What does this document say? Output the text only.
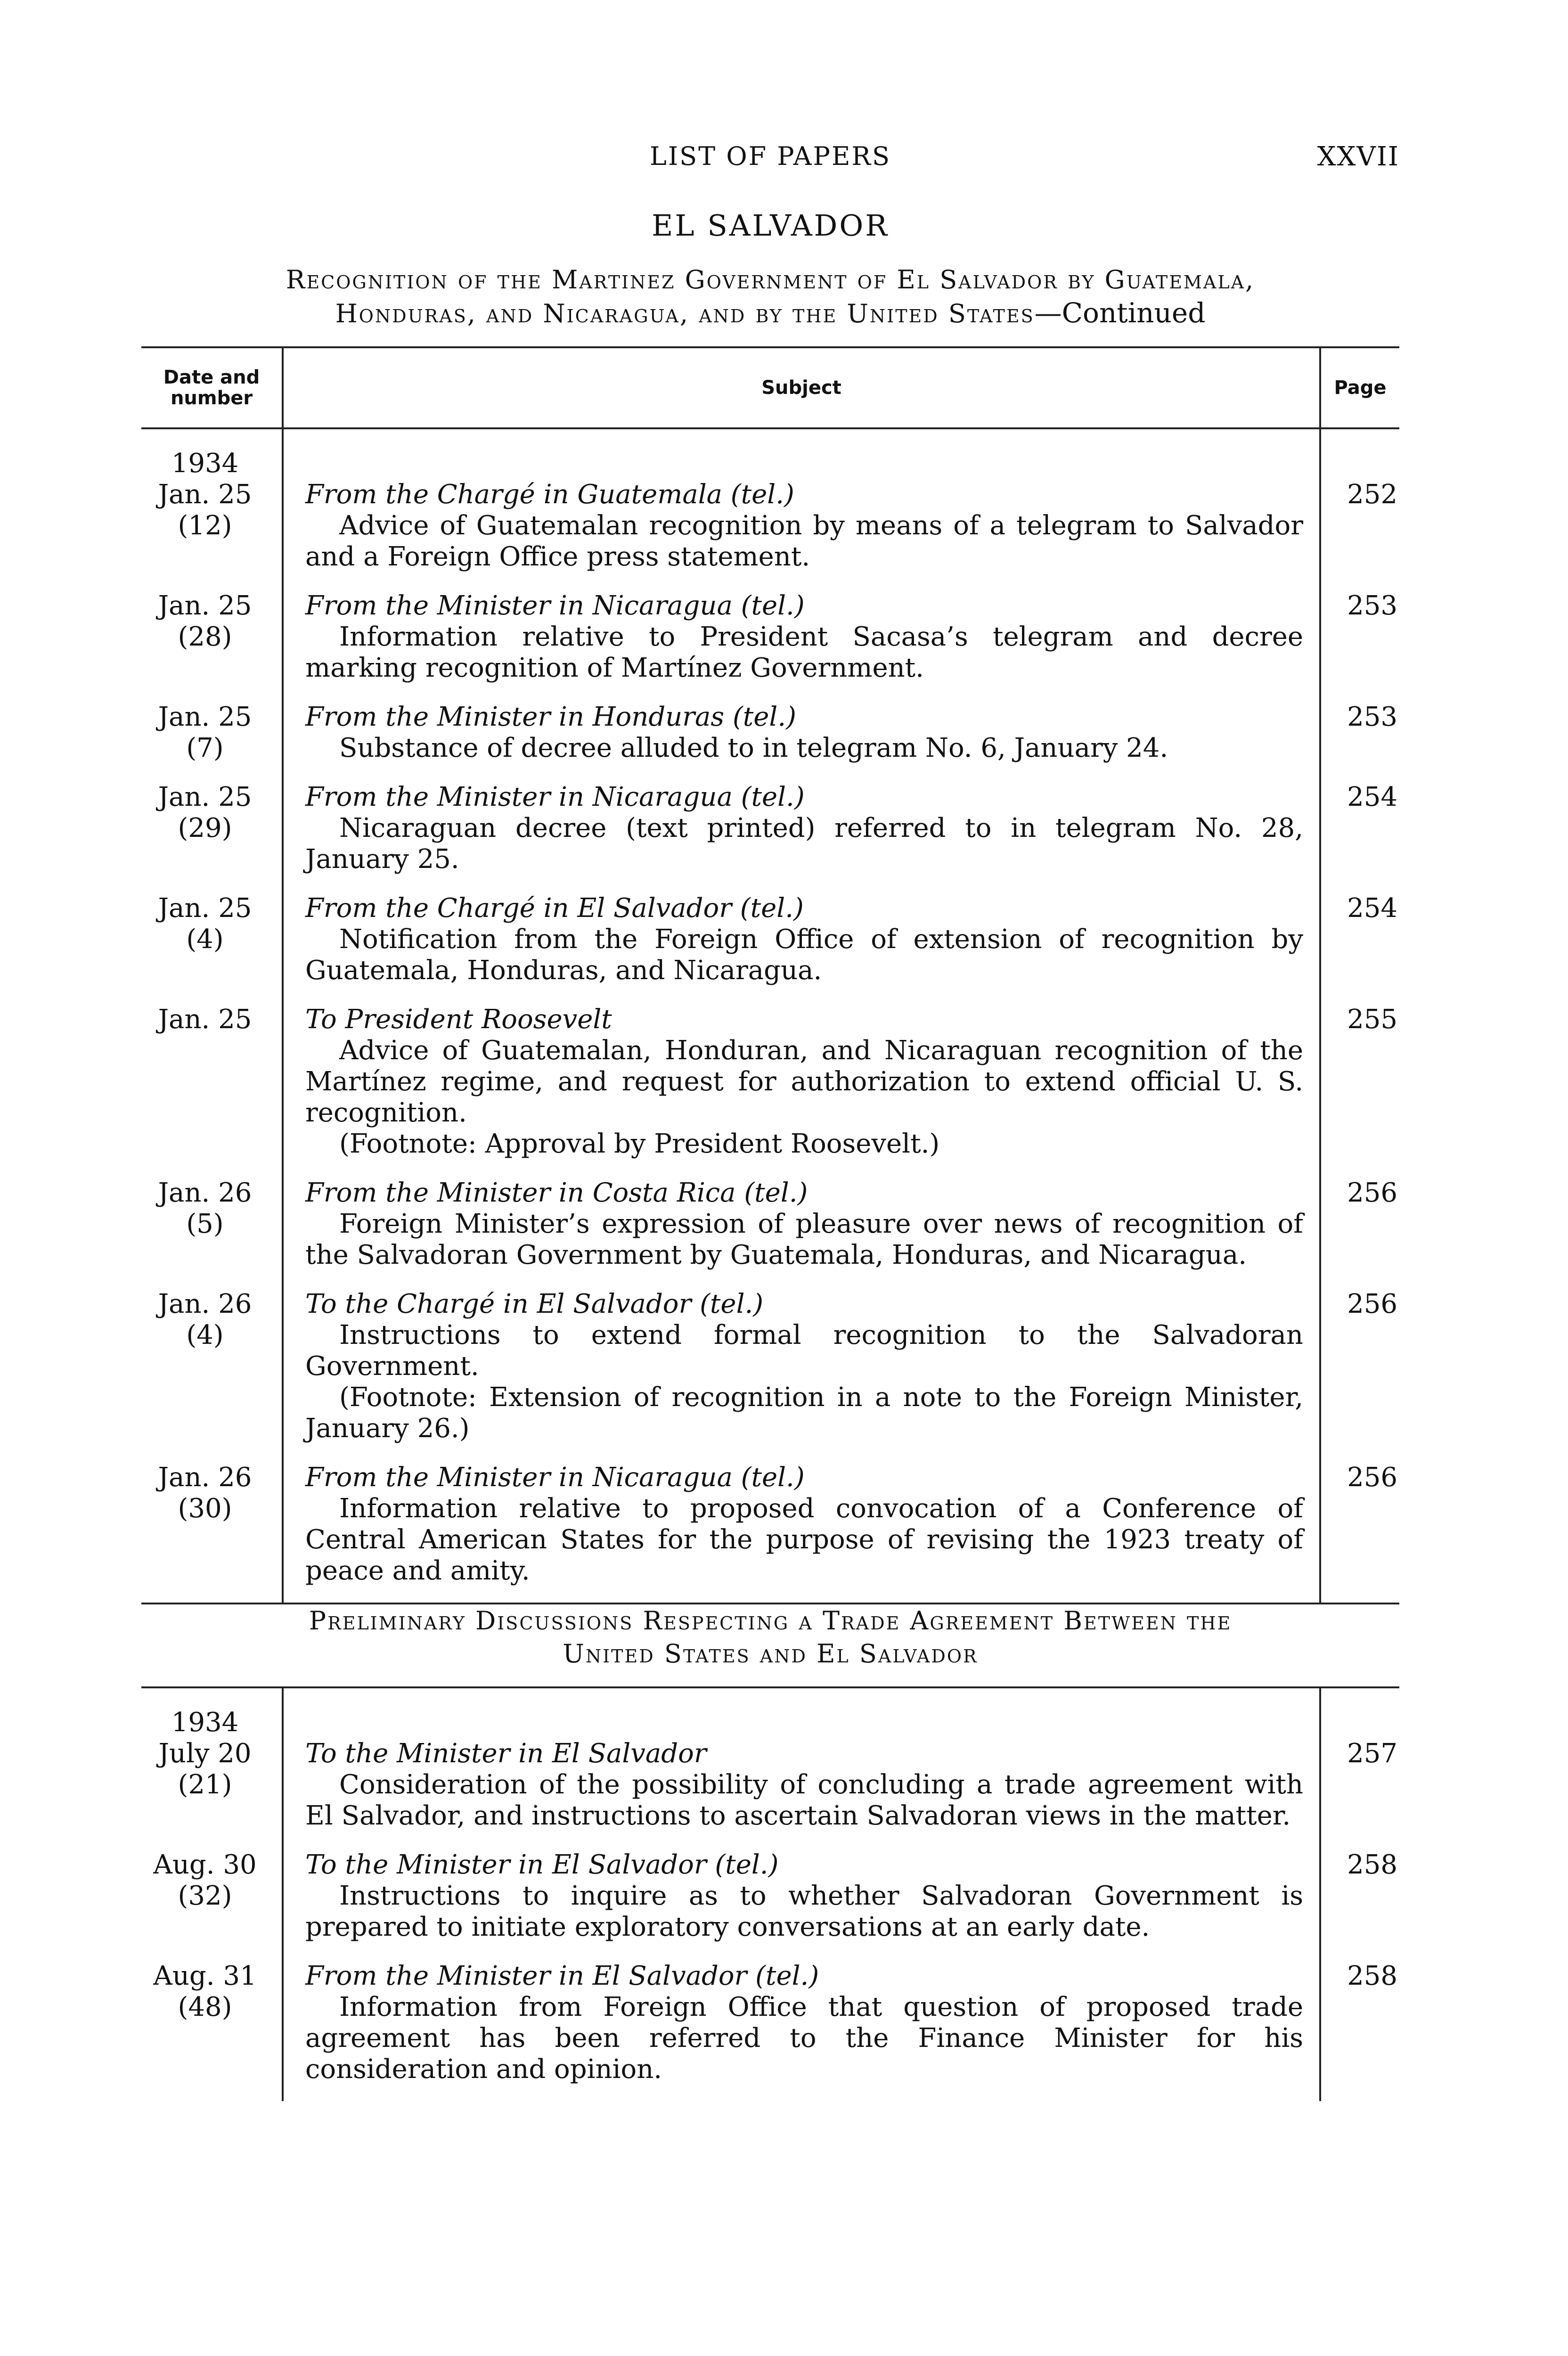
LIST OF PAPERS	XXVII
EL SALVADOR
Recognition of the Martinez Government of El Salvador by Guatemala,
Honduras, and Nicaragua, and by the United States—Continued
Date and
number	Subject	Page

1934
Jan. 25
(12)	From the Chargé in Guatemala (tel.)
Advice of Guatemalan recognition by means of a telegram to Salvador and a Foreign Office press statement.	252

Jan. 25
(28)	From the Minister in Nicaragua (tel.)
Information relative to President Sacasa’s telegram and decree marking recognition of Martínez Government.	253

Jan. 25
(7)	From the Minister in Honduras (tel.)
Substance of decree alluded to in telegram No. 6, January 24.	253

Jan. 25
(29)	From the Minister in Nicaragua (tel.)
Nicaraguan decree (text printed) referred to in telegram No. 28, January 25.	254

Jan. 25
(4)	From the Chargé in El Salvador (tel.)
Notification from the Foreign Office of extension of recognition by Guatemala, Honduras, and Nicaragua.	254

Jan. 25	To President Roosevelt
Advice of Guatemalan, Honduran, and Nicaraguan recognition of the Martínez regime, and request for authorization to extend official U. S. recognition.
(Footnote: Approval by President Roosevelt.)	255

Jan. 26
(5)	From the Minister in Costa Rica (tel.)
Foreign Minister’s expression of pleasure over news of recognition of the Salvadoran Government by Guatemala, Honduras, and Nicaragua.	256

Jan. 26
(4)	To the Chargé in El Salvador (tel.)
Instructions to extend formal recognition to the Salvadoran Government.
(Footnote: Extension of recognition in a note to the Foreign Minister, January 26.)	256

Jan. 26
(30)	From the Minister in Nicaragua (tel.)
Information relative to proposed convocation of a Conference of Central American States for the purpose of revising the 1923 treaty of peace and amity.	256

Preliminary Discussions Respecting a Trade Agreement Between the
United States and El Salvador

1934
July 20
(21)	To the Minister in El Salvador
Consideration of the possibility of concluding a trade agreement with El Salvador, and instructions to ascertain Salvadoran views in the matter.	257

Aug. 30
(32)	To the Minister in El Salvador (tel.)
Instructions to inquire as to whether Salvadoran Government is prepared to initiate exploratory conversations at an early date.	258

Aug. 31
(48)	From the Minister in El Salvador (tel.)
Information from Foreign Office that question of proposed trade agreement has been referred to the Finance Minister for his consideration and opinion.	258
